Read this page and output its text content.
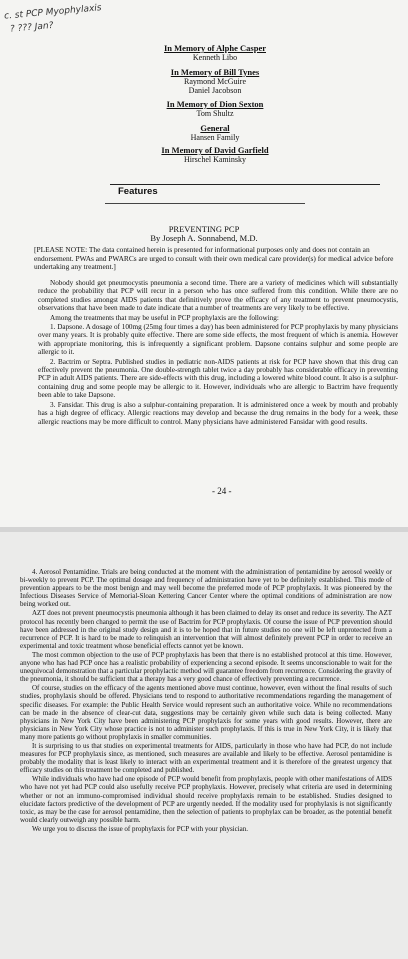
c. st PCP Myophylaxis
? ??? Jan?
In Memory of Alphe Casper
Kenneth Libo
In Memory of Bill Tynes
Raymond McGuire
Daniel Jacobson
In Memory of Dion Sexton
Tom Shultz
General
Hansen Family
In Memory of David Garfield
Hirschel Kaminsky
Features
PREVENTING PCP
By Joseph A. Sonnabend, M.D.
[PLEASE NOTE: The data contained herein is presented for informational purposes only and does not contain an endorsement. PWAs and PWARCs are urged to consult with their own medical care provider(s) for medical advice before undertaking any treatment.]

Nobody should get pneumocystis pneumonia a second time. There are a variety of medicines which will substantially reduce the probability that PCP will recur in a person who has once suffered from this condition. While there are no completed studies amongst AIDS patients that definitively prove the efficacy of any treatment to prevent pneumocystis, observations that have been made to date indicate that a number of treatments are very likely to be effective.

Among the treatments that may be useful in PCP prophylaxis are the following:

1. Dapsone. A dosage of 100mg (25mg four times a day) has been administered for PCP prophylaxis by many physicians over many years. It is probably quite effective. There are some side effects, the most frequent of which is anemia. However with appropriate monitoring, this is infrequently a significant problem. Dapsone contains sulphur and some people are allergic to it.

2. Bactrim or Septra. Published studies in pediatric non-AIDS patients at risk for PCP have shown that this drug can effectively prevent the pneumonia. One double-strength tablet twice a day probably has considerable efficacy in preventing PCP in adult AIDS patients. There are side-effects with this drug, including a lowered white blood count. It also is a sulphur-containing drug and some people may be allergic to it. However, individuals who are allergic to Bactrim have frequently been able to take Dapsone.

3. Fansidar. This drug is also a sulphur-containing preparation. It is administered once a week by mouth and probably has a high degree of efficacy. Allergic reactions may develop and because the drug remains in the body for a week, these allergic reactions may be more difficult to control. Many physicians have administered Fansidar with good results.

- 24 -

4. Aerosol Pentamidine. Trials are being conducted at the moment with the administration of pentamidine by aerosol weekly or bi-weekly to prevent PCP. The optimal dosage and frequency of administration have yet to be definitely established. This mode of prevention appears to be the most benign and may well become the preferred mode of PCP prophylaxis. It was pioneered by the Infectious Diseases Service of Memorial-Sloan Kettering Cancer Center where the optimal conditions of administration are now being worked out.

AZT does not prevent pneumocystis pneumonia although it has been claimed to delay its onset and reduce its severity. The AZT protocol has recently been changed to permit the use of Bactrim for PCP prophylaxis. Of course the issue of PCP prevention should have been addressed in the original study design and it is to be hoped that in future studies no one will be left unprotected from a recurrence of PCP. It is hard to be made to relinquish an intervention that will almost definitely prevent PCP in order to receive an experimental and toxic treatment whose beneficial effects cannot yet be known.

The most common objection to the use of PCP prophylaxis has been that there is no established protocol at this time. However, anyone who has had PCP once has a realistic probability of experiencing a second episode. It seems unconscionable to wait for the unequivocal demonstration that a particular prophylactic method will guarantee freedom from recurrence. Considering the gravity of the pneumonia, it should be sufficient that a therapy has a very good chance of effectively preventing a recurrence.

Of course, studies on the efficacy of the agents mentioned above must continue, however, even without the final results of such studies, prophylaxis should be offered. Physicians tend to respond to authoritative recommendations regarding the management of specific diseases. For example: the Public Health Service would represent such an authoritative voice. While no recommendations can be made in the absence of clear-cut data, suggestions may be certainly given while such data is being collected. Many physicians in New York City have been administering PCP prophylaxis for some years with good results. However, there are physicians in New York City whose practice is not to administer such prophylaxis. If this is true in New York City, it is likely that many more patients go without prophylaxis in smaller communities.

It is surprising to us that studies on experimental treatments for AIDS, particularly in those who have had PCP, do not include measures for PCP prophylaxis since, as mentioned, such measures are available and likely to be effective. Aerosol pentamidine is probably the modality that is least likely to interact with an experimental treatment and it is therefore of the greatest urgency that efficacy studies on this treatment be completed and published.

While individuals who have had one episode of PCP would benefit from prophylaxis, people with other manifestations of AIDS who have not yet had PCP could also usefully receive PCP prophylaxis. However, precisely what criteria are used in determining whether or not an immuno-compromised individual should receive prophylaxis remain to be established. Studies designed to elucidate factors predictive of the development of PCP are urgently needed. If the modality used for prophylaxis is not significantly toxic, as may be the case for aerosol pentamidine, then the selection of patients to prophylax can be broader, as the potential benefit would clearly outweigh any possible harm.

We urge you to discuss the issue of prophylaxis for PCP with your physician.
